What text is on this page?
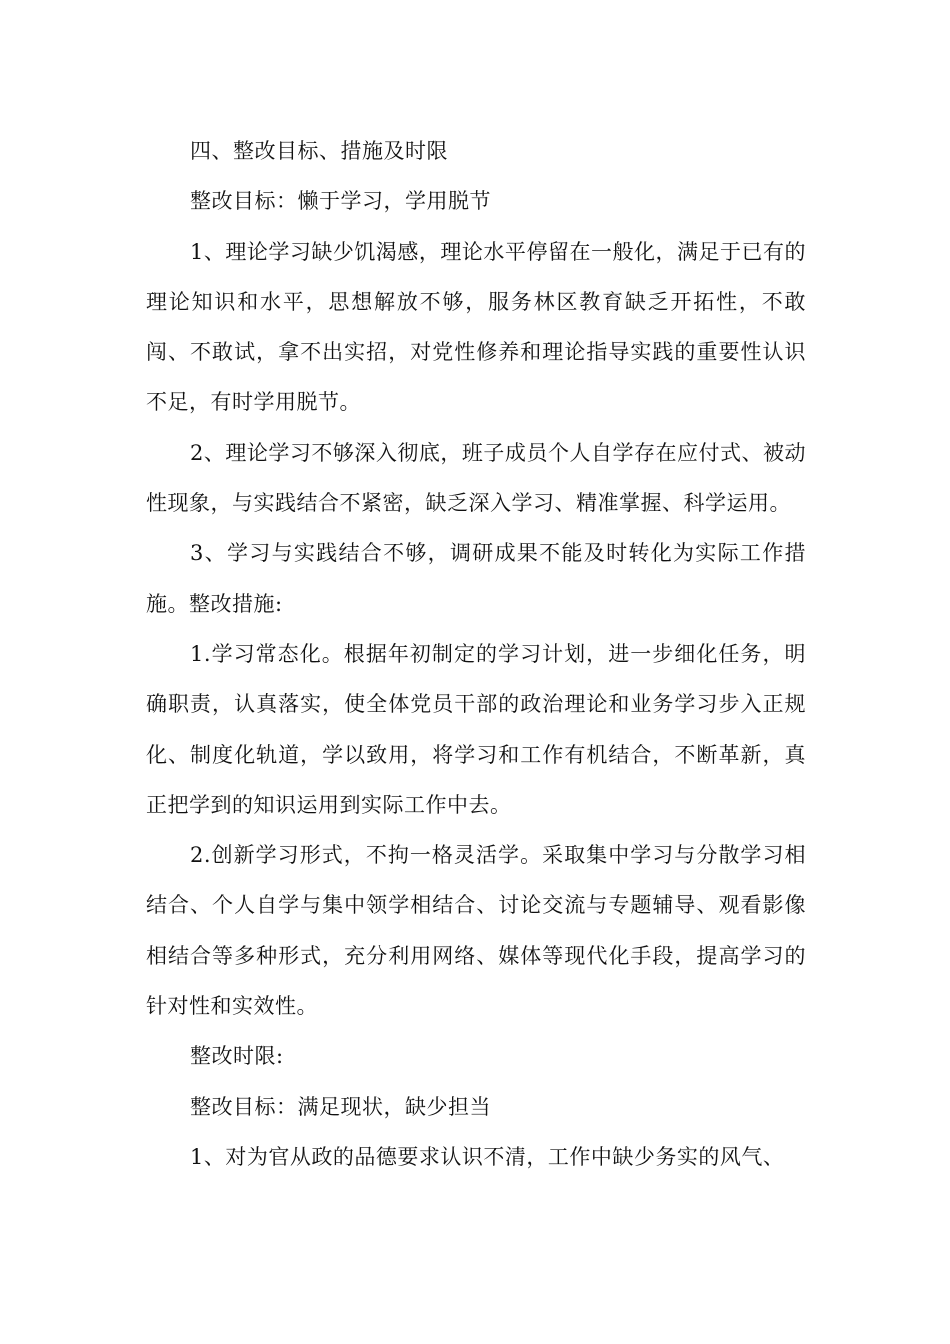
四、整改目标、措施及时限

整改目标：懒于学习，学用脱节

1、理论学习缺少饥渴感，理论水平停留在一般化，满足于已有的理论知识和水平，思想解放不够，服务林区教育缺乏开拓性，不敢闯、不敢试，拿不出实招，对党性修养和理论指导实践的重要性认识不足，有时学用脱节。

2、理论学习不够深入彻底，班子成员个人自学存在应付式、被动性现象，与实践结合不紧密，缺乏深入学习、精准掌握、科学运用。

3、学习与实践结合不够，调研成果不能及时转化为实际工作措施。整改措施:

1.学习常态化。根据年初制定的学习计划，进一步细化任务，明确职责，认真落实，使全体党员干部的政治理论和业务学习步入正规化、制度化轨道，学以致用，将学习和工作有机结合，不断革新，真正把学到的知识运用到实际工作中去。

2.创新学习形式，不拘一格灵活学。采取集中学习与分散学习相结合、个人自学与集中领学相结合、讨论交流与专题辅导、观看影像相结合等多种形式，充分利用网络、媒体等现代化手段，提高学习的针对性和实效性。

整改时限:

整改目标：满足现状，缺少担当

1、对为官从政的品德要求认识不清，工作中缺少务实的风气、
